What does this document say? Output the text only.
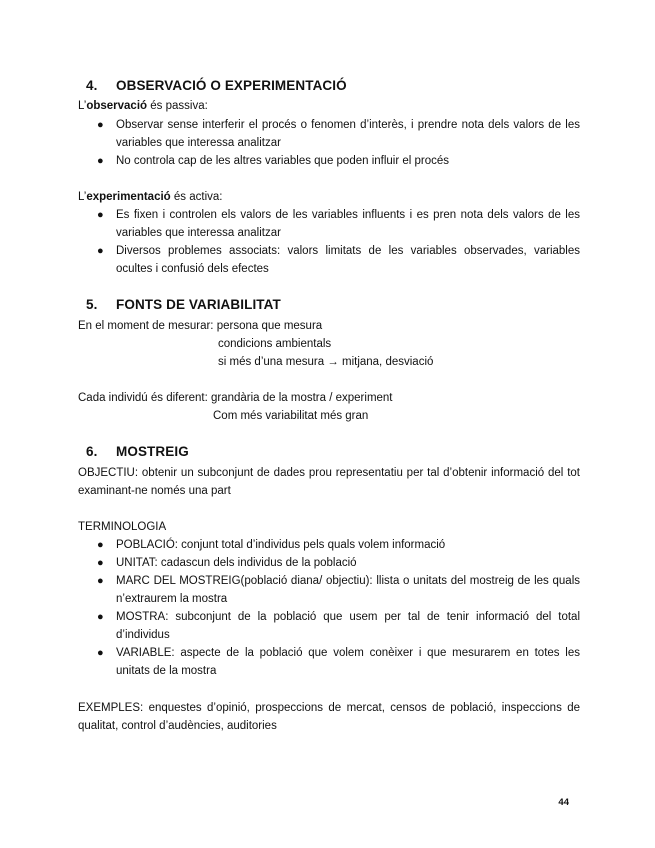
4. OBSERVACIÓ O EXPERIMENTACIÓ
L’observació és passiva:
● Observar sense interferir el procés o fenomen d’interès, i prendre nota dels valors de les variables que interessa analitzar
● No controla cap de les altres variables que poden influir el procés
L’experimentació és activa:
● Es fixen i controlen els valors de les variables influents i es pren nota dels valors de les variables que interessa analitzar
● Diversos problemes associats: valors limitats de les variables observades, variables ocultes i confusió dels efectes
5. FONTS DE VARIABILITAT
En el moment de mesurar: persona que mesura
condicions ambientals
si més d’una mesura → mitjana, desviació
Cada individú és diferent: grandària de la mostra / experiment
Com més variabilitat més gran
6. MOSTREIG
OBJECTIU: obtenir un subconjunt de dades prou representatiu per tal d’obtenir informació del tot examinant-ne només una part
TERMINOLOGIA
● POBLACIÓ: conjunt total d’individus pels quals volem informació
● UNITAT: cadascun dels individus de la població
● MARC DEL MOSTREIG(població diana/ objectiu): llista o unitats del mostreig de les quals n’extraurem la mostra
● MOSTRA: subconjunt de la població que usem per tal de tenir informació del total d’individus
● VARIABLE: aspecte de la població que volem conèixer i que mesurarem en totes les unitats de la mostra
EXEMPLES: enquestes d’opinió, prospeccions de mercat, censos de població, inspeccions de qualitat, control d’audències, auditories
44
